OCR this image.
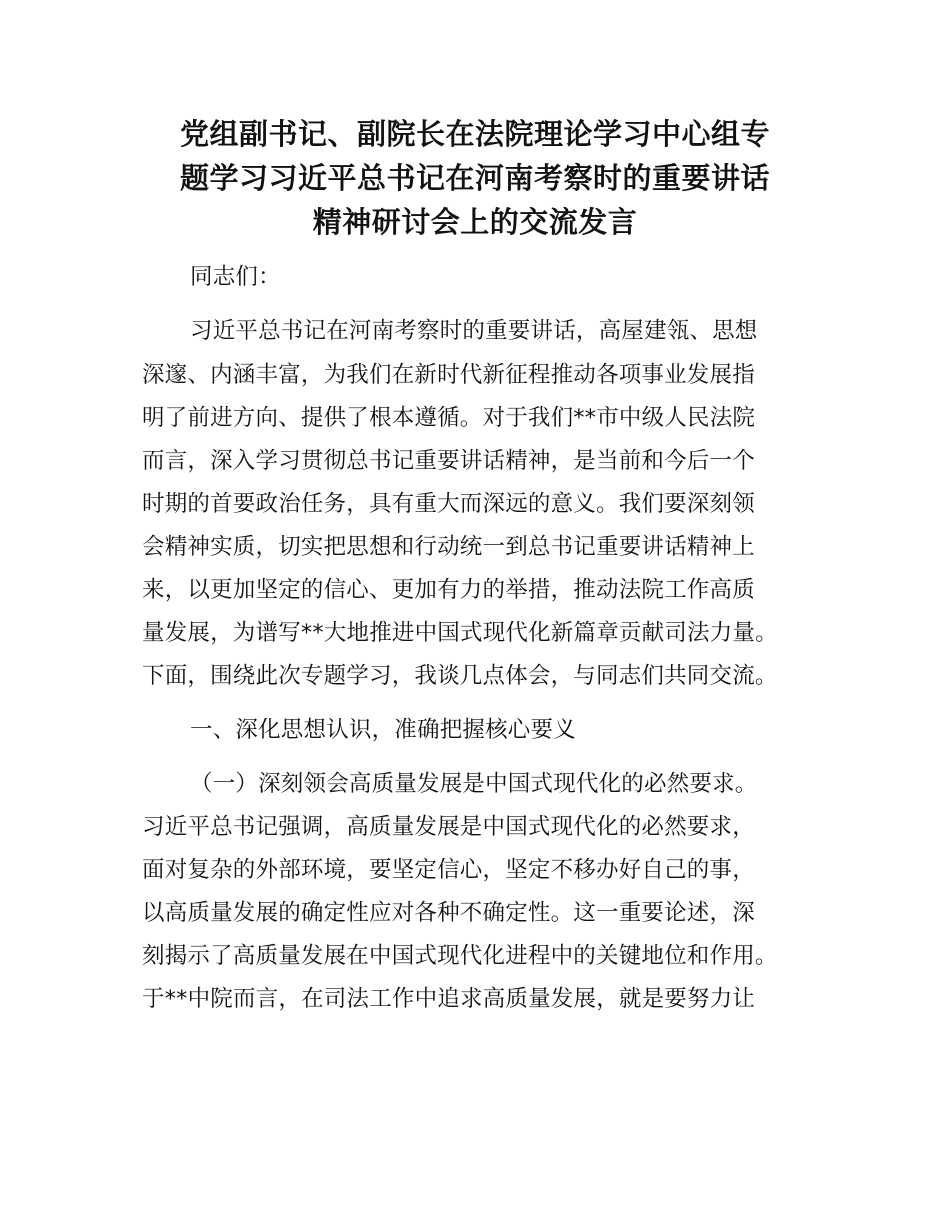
党组副书记、副院长在法院理论学习中心组专
题学习习近平总书记在河南考察时的重要讲话
精神研讨会上的交流发言
同志们：
习近平总书记在河南考察时的重要讲话，高屋建瓴、思想
深邃、内涵丰富，为我们在新时代新征程推动各项事业发展指
明了前进方向、提供了根本遵循。对于我们**市中级人民法院
而言，深入学习贯彻总书记重要讲话精神，是当前和今后一个
时期的首要政治任务，具有重大而深远的意义。我们要深刻领
会精神实质，切实把思想和行动统一到总书记重要讲话精神上
来，以更加坚定的信心、更加有力的举措，推动法院工作高质
量发展，为谱写**大地推进中国式现代化新篇章贡献司法力量。
下面，围绕此次专题学习，我谈几点体会，与同志们共同交流。
一、深化思想认识，准确把握核心要义
（一）深刻领会高质量发展是中国式现代化的必然要求。
习近平总书记强调，高质量发展是中国式现代化的必然要求，
面对复杂的外部环境，要坚定信心，坚定不移办好自己的事，
以高质量发展的确定性应对各种不确定性。这一重要论述，深
刻揭示了高质量发展在中国式现代化进程中的关键地位和作用。
于**中院而言，在司法工作中追求高质量发展，就是要努力让
